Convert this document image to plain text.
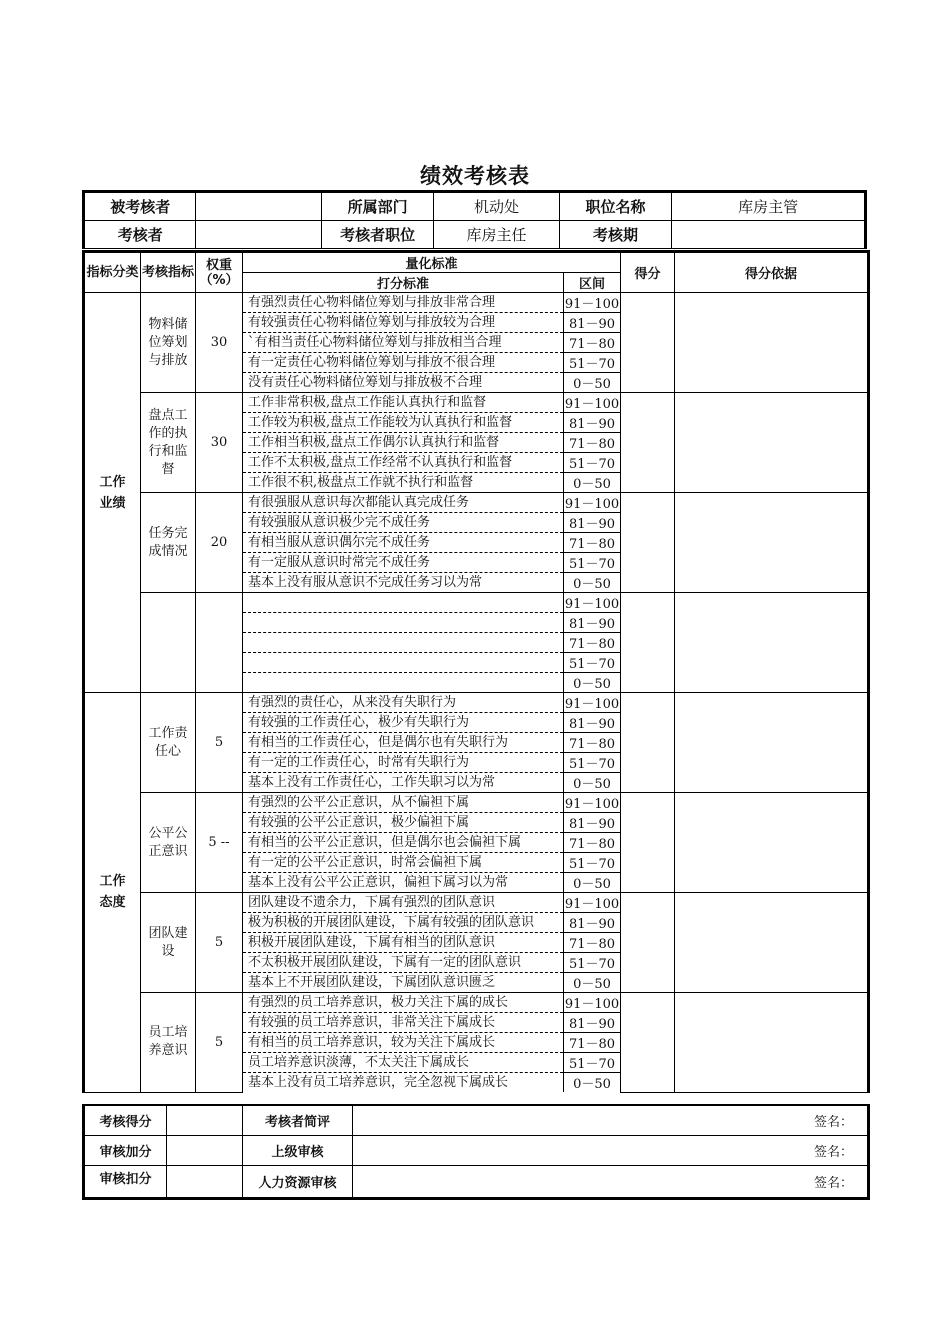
绩效考核表
被考核者		所属部门	机动处	职位名称	库房主管
考核者		考核者职位	库房主任	考核期	
指标分类	考核指标	权重（%）	量化标准		得分	得分依据
			打分标准	区间		
工作业绩	物料储位筹划与排放	30	有强烈责任心物料储位筹划与排放非常合理	91－100		
			有较强责任心物料储位筹划与排放较为合理	81－90		
			`有相当责任心物料储位筹划与排放相当合理	71－80		
			有一定责任心物料储位筹划与排放不很合理	51－70		
			没有责任心物料储位筹划与排放极不合理	0－50		
	盘点工作的执行和监督	30	工作非常积极,盘点工作能认真执行和监督	91－100		
			工作较为积极,盘点工作能较为认真执行和监督	81－90		
			工作相当积极,盘点工作偶尔认真执行和监督	71－80		
			工作不太积极,盘点工作经常不认真执行和监督	51－70		
			工作很不积,极盘点工作就不执行和监督	0－50		
	任务完成情况	20	有很强服从意识每次都能认真完成任务	91－100		
			有较强服从意识极少完不成任务	81－90		
			有相当服从意识偶尔完不成任务	71－80		
			有一定服从意识时常完不成任务	51－70		
			基本上没有服从意识不完成任务习以为常	0－50		
				91－100		
				81－90		
				71－80		
				51－70		
				0－50		
工作态度	工作责任心	5	有强烈的责任心，从来没有失职行为	91－100		
			有较强的工作责任心，极少有失职行为	81－90		
			有相当的工作责任心，但是偶尔也有失职行为	71－80		
			有一定的工作责任心，时常有失职行为	51－70		
			基本上没有工作责任心，工作失职习以为常	0－50		
	公平公正意识	5 --	有强烈的公平公正意识，从不偏袒下属	91－100		
			有较强的公平公正意识，极少偏袒下属	81－90		
			有相当的公平公正意识，但是偶尔也会偏袒下属	71－80		
			有一定的公平公正意识，时常会偏袒下属	51－70		
			基本上没有公平公正意识，偏袒下属习以为常	0－50		
	团队建设	5	团队建设不遗余力，下属有强烈的团队意识	91－100		
			极为积极的开展团队建设，下属有较强的团队意识	81－90		
			积极开展团队建设，下属有相当的团队意识	71－80		
			不太积极开展团队建设，下属有一定的团队意识	51－70		
			基本上不开展团队建设，下属团队意识匮乏	0－50		
	员工培养意识	5	有强烈的员工培养意识，极力关注下属的成长	91－100		
			有较强的员工培养意识，非常关注下属成长	81－90		
			有相当的员工培养意识，较为关注下属成长	71－80		
			员工培养意识淡薄，不太关注下属成长	51－70		
			基本上没有员工培养意识，完全忽视下属成长	0－50		
考核得分		考核者简评	签名：
审核加分		上级审核	签名：
审核扣分		人力资源审核	签名：
